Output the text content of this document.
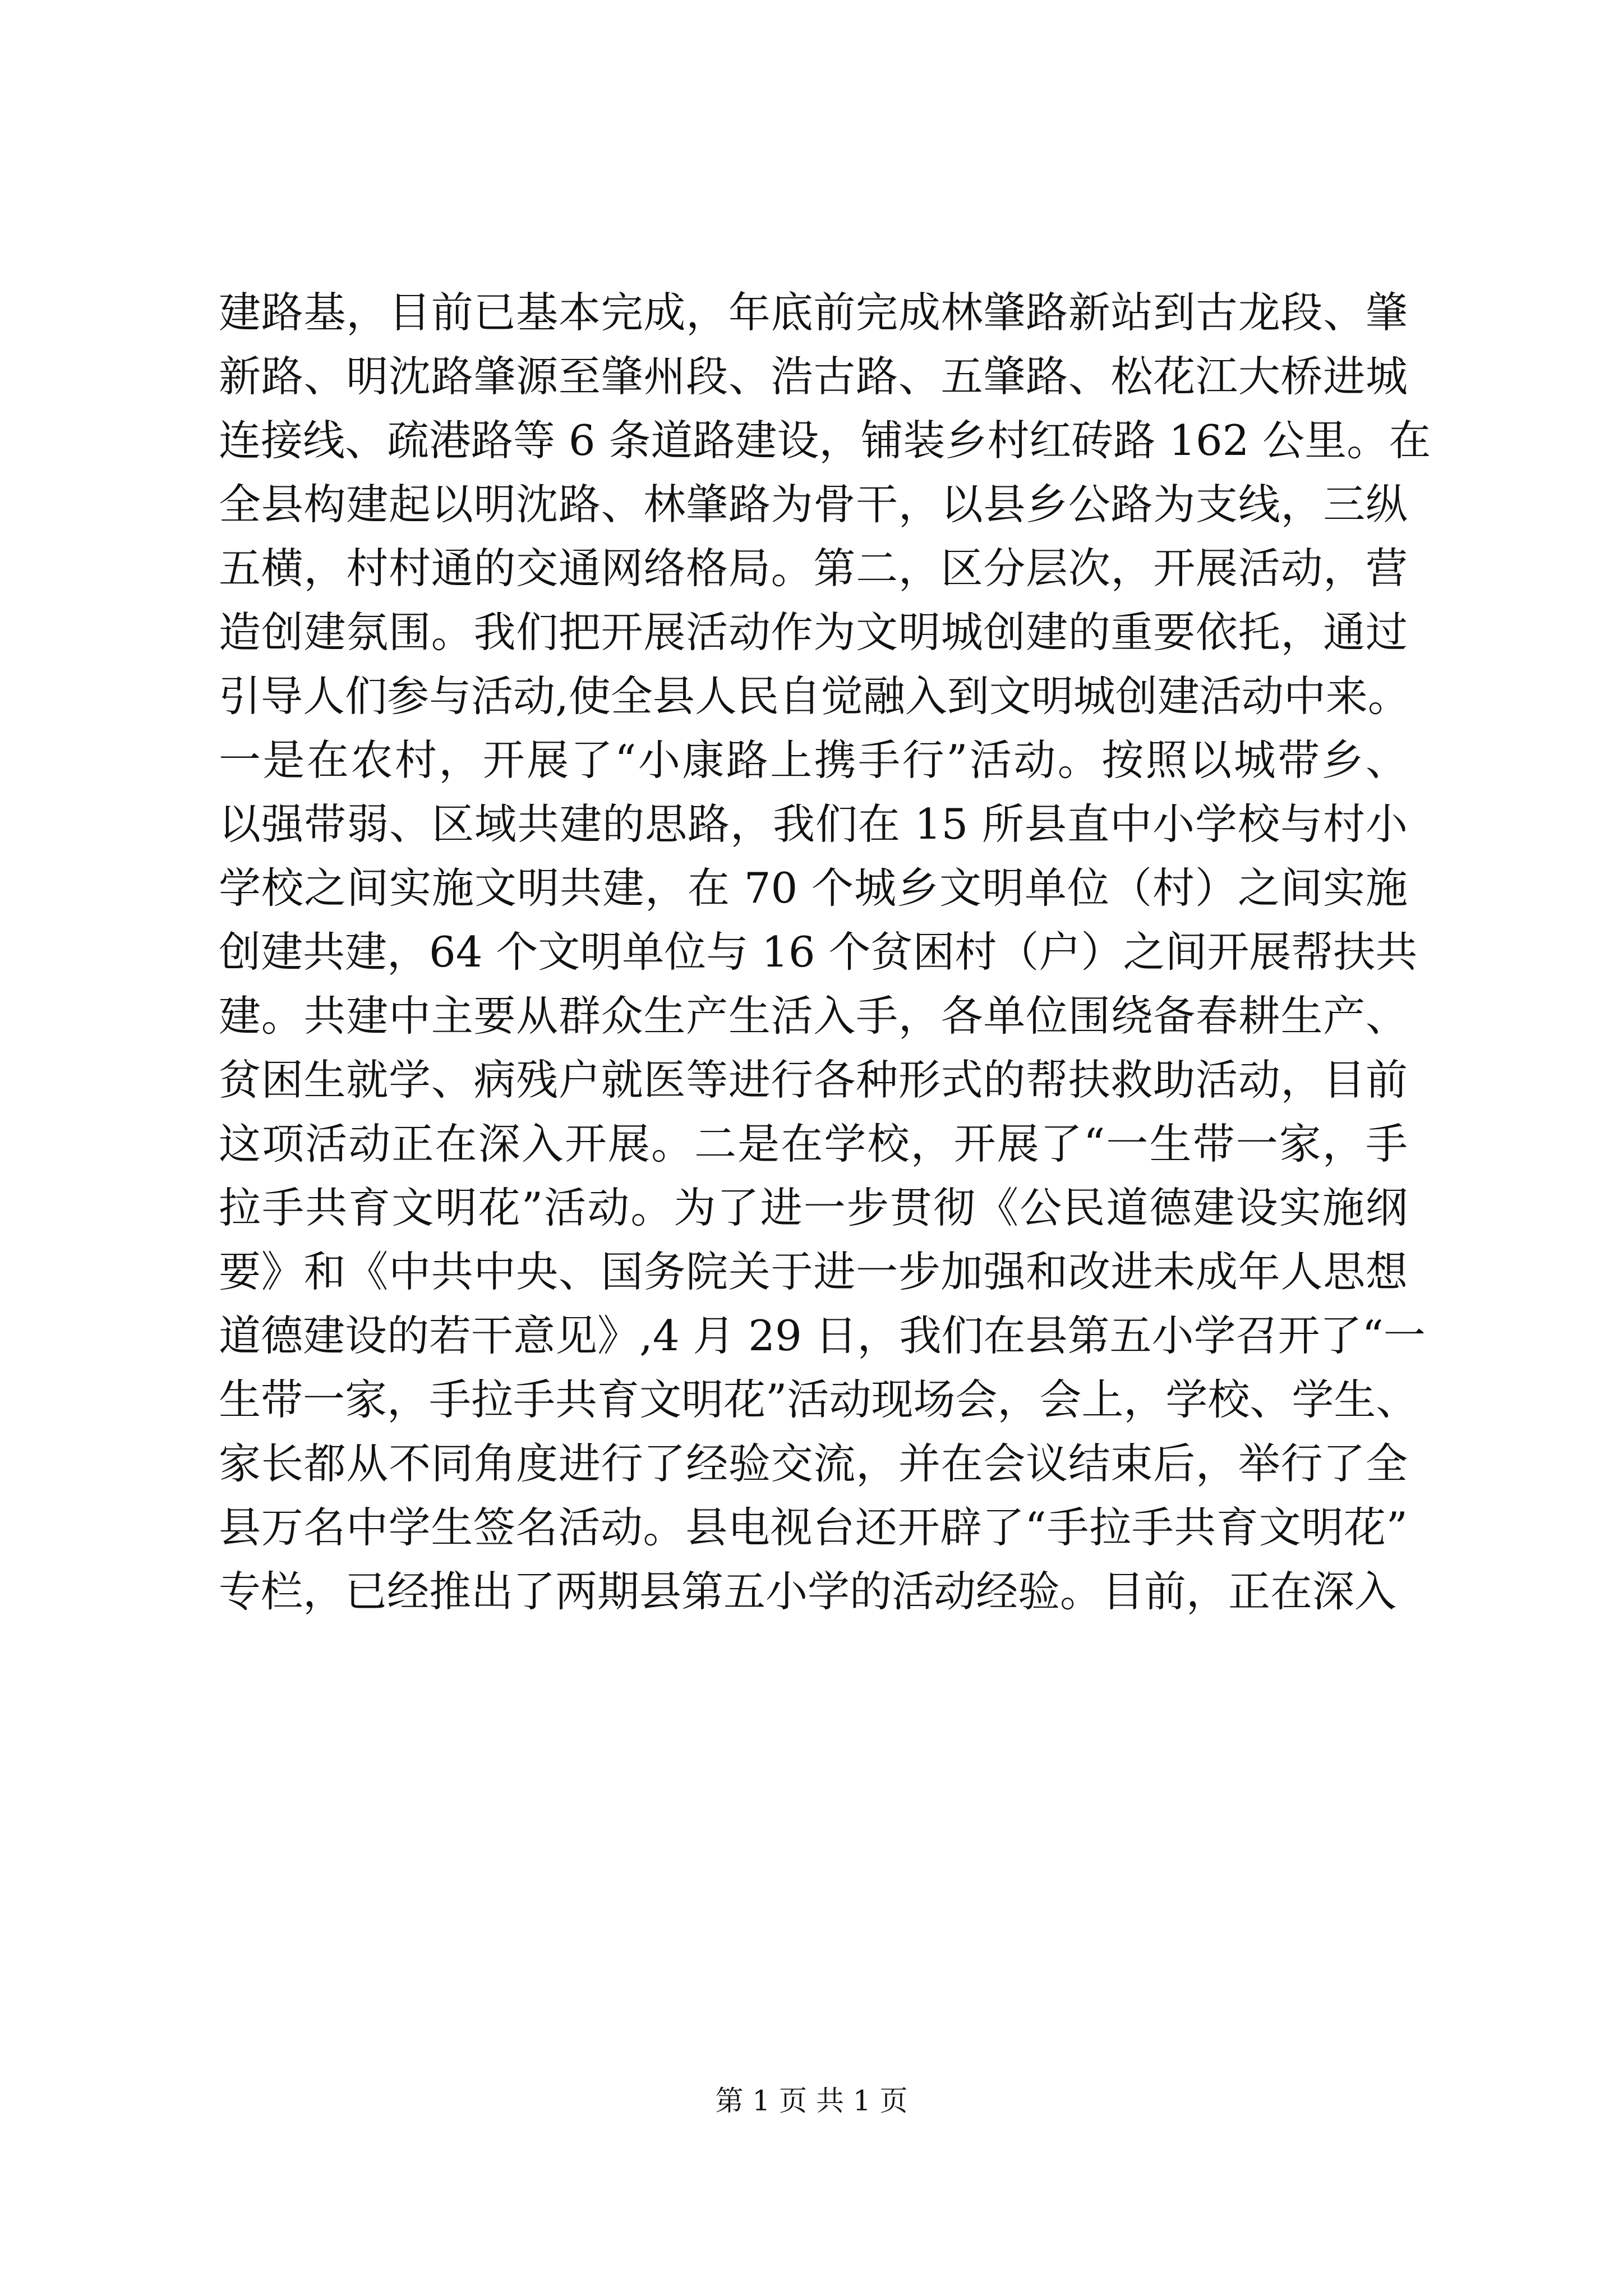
建路基，目前已基本完成，年底前完成林肇路新站到古龙段、肇
新路、明沈路肇源至肇州段、浩古路、五肇路、松花江大桥进城
连接线、疏港路等 6 条道路建设，铺装乡村红砖路 162 公里。在
全县构建起以明沈路、林肇路为骨干，以县乡公路为支线，三纵
五横，村村通的交通网络格局。第二，区分层次，开展活动，营
造创建氛围。我们把开展活动作为文明城创建的重要依托，通过
引导人们参与活动,使全县人民自觉融入到文明城创建活动中来。
一是在农村，开展了“小康路上携手行”活动。按照以城带乡、
以强带弱、区域共建的思路，我们在 15 所县直中小学校与村小
学校之间实施文明共建，在 70 个城乡文明单位（村）之间实施
创建共建，64 个文明单位与 16 个贫困村（户）之间开展帮扶共
建。共建中主要从群众生产生活入手，各单位围绕备春耕生产、
贫困生就学、病残户就医等进行各种形式的帮扶救助活动，目前
这项活动正在深入开展。二是在学校，开展了“一生带一家，手
拉手共育文明花”活动。为了进一步贯彻《公民道德建设实施纲
要》和《中共中央、国务院关于进一步加强和改进未成年人思想
道德建设的若干意见》,4 月 29 日，我们在县第五小学召开了“一
生带一家，手拉手共育文明花”活动现场会，会上，学校、学生、
家长都从不同角度进行了经验交流，并在会议结束后，举行了全
县万名中学生签名活动。县电视台还开辟了“手拉手共育文明花”
专栏，已经推出了两期县第五小学的活动经验。目前，正在深入
第 1 页 共 1 页
